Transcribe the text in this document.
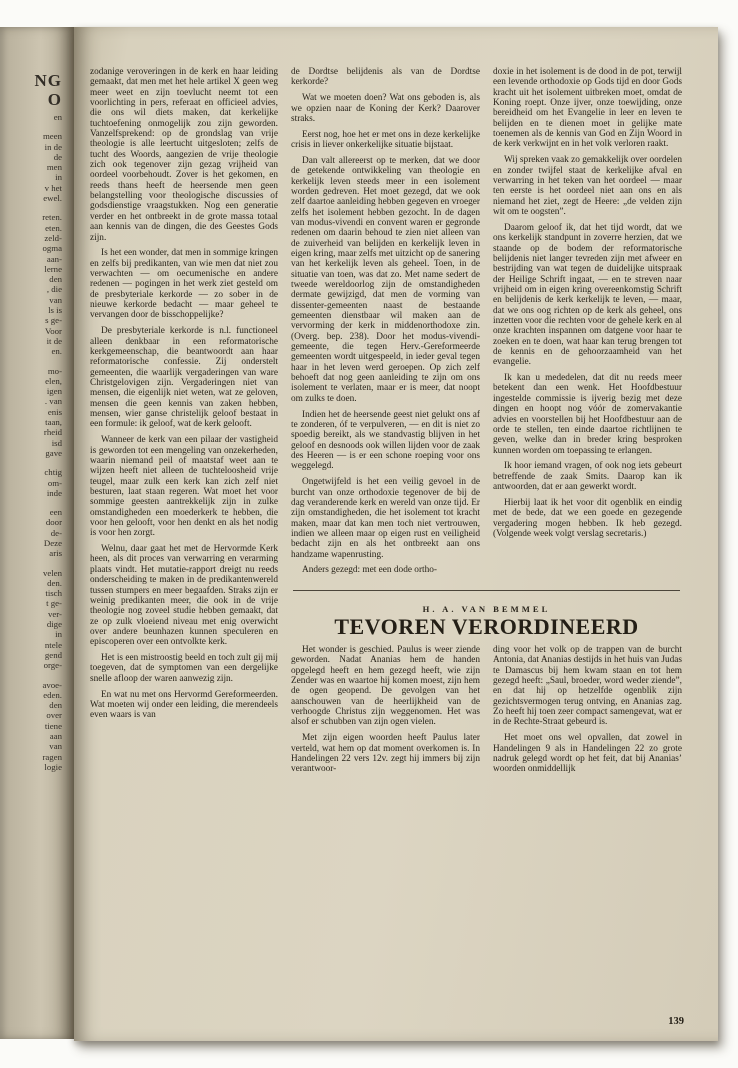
NG
O
en
meen
in de
de
men
in
v het
ewel.
reten.
eten.
zeld-
ogma
aan-
lerne
den
, die
van
ls is
s ge-
Voor
it de
en.
mo-
elen,
igen
. van
enis
taan,
rheid
isd
gave
chtig
om-
inde
een
door
de-
Deze
aris
velen
den.
tisch
t ge-
ver-
dige
in
ntele
gend
orge-
avoe-
eden.
den
over
tiene
aan
van
ragen
logie

zodanige veroveringen in de kerk en haar leiding gemaakt, dat men met het hele artikel X geen weg meer weet en zijn toevlucht neemt tot een voorlichting in pers, referaat en officieel advies, die ons wil diets maken, dat kerkelijke tuchtoefening onmogelijk zou zijn geworden. Vanzelfsprekend: op de grondslag van vrije theologie is alle leertucht uitgesloten; zelfs de tucht des Woords, aangezien de vrije theologie zich ook tegenover zijn gezag vrijheid van oordeel voorbehoudt. Zover is het gekomen, en reeds thans heeft de heersende men geen belangstelling voor theologische discussies of godsdienstige vraagstukken. Nog een generatie verder en het ontbreekt in de grote massa totaal aan kennis van de dingen, die des Geestes Gods zijn.

Is het een wonder, dat men in sommige kringen en zelfs bij predikanten, van wie men dat niet zou verwachten — om oecumenische en andere redenen — pogingen in het werk ziet gesteld om de presbyteriale kerkorde — zo sober in de nieuwe kerkorde bedacht — maar geheel te vervangen door de bisschoppelijke?

De presbyteriale kerkorde is n.l. functioneel alleen denkbaar in een reformatorische kerkgemeenschap, die beantwoordt aan haar reformatorische confessie. Zij onderstelt gemeenten, die waarlijk vergaderingen van ware Christgelovigen zijn. Vergaderingen niet van mensen, die eigenlijk niet weten, wat ze geloven, mensen die geen kennis van zaken hebben, mensen, wier ganse christelijk geloof bestaat in een formule: ik geloof, wat de kerk gelooft.

Wanneer de kerk van een pilaar der vastigheid is geworden tot een mengeling van onzekerheden, waarin niemand peil of maatstaf weet aan te wijzen heeft niet alleen de tuchteloosheid vrije teugel, maar zulk een kerk kan zich zelf niet besturen, laat staan regeren. Wat moet het voor sommige geesten aantrekkelijk zijn in zulke omstandigheden een moederkerk te hebben, die voor hen gelooft, voor hen denkt en als het nodig is voor hen zorgt.

Welnu, daar gaat het met de Hervormde Kerk heen, als dit proces van verwarring en verarming plaats vindt. Het mutatie-rapport dreigt nu reeds onderscheiding te maken in de predikantenwereld tussen stumpers en meer begaafden. Straks zijn er weinig predikanten meer, die ook in de vrije theologie nog zoveel studie hebben gemaakt, dat ze op zulk vloeiend niveau met enig overwicht over andere beunhazen kunnen speculeren en episcoperen over een ontvolkte kerk.

Het is een mistroostig beeld en toch zult gij mij toegeven, dat de symptomen van een dergelijke snelle afloop der waren aanwezig zijn.

En wat nu met ons Hervormd Gereformeerden. Wat moeten wij onder een leiding, die merendeels even waars is van

de Dordtse belijdenis als van de Dordtse kerkorde?

Wat we moeten doen? Wat ons geboden is, als we opzien naar de Koning der Kerk? Daarover straks.

Eerst nog, hoe het er met ons in deze kerkelijke crisis in liever onkerkelijke situatie bijstaat.

Dan valt allereerst op te merken, dat we door de getekende ontwikkeling van theologie en kerkelijk leven steeds meer in een isolement worden gedreven. Het moet gezegd, dat we ook zelf daartoe aanleiding hebben gegeven en vroeger zelfs het isolement hebben gezocht. In de dagen van modus-vivendi en convent waren er gegronde redenen om daarin behoud te zien niet alleen van de zuiverheid van belijden en kerkelijk leven in eigen kring, maar zelfs met uitzicht op de sanering van het kerkelijk leven als geheel. Toen, in de situatie van toen, was dat zo. Met name sedert de tweede wereldoorlog zijn de omstandigheden dermate gewijzigd, dat men de vorming van dissenter-gemeenten naast de bestaande gemeenten dienstbaar wil maken aan de vervorming der kerk in middenorthodoxe zin. (Overg. bep. 238). Door het modus-vivendi-gemeente, die tegen Herv.-Gereformeerde gemeenten wordt uitgespeeld, in ieder geval tegen haar in het leven werd geroepen. Op zich zelf behoeft dat nog geen aanleiding te zijn om ons isolement te verlaten, maar er is meer, dat noopt om zulks te doen.

Indien het de heersende geest niet gelukt ons af te zonderen, óf te verpulveren, — en dit is niet zo spoedig bereikt, als we standvastig blijven in het geloof en desnoods ook willen lijden voor de zaak des Heeren — is er een schone roeping voor ons weggelegd.

Ongetwijfeld is het een veilig gevoel in de burcht van onze orthodoxie tegenover de bij de dag veranderende kerk en wereld van onze tijd. Er zijn omstandigheden, die het isolement tot kracht maken, maar dat kan men toch niet vertrouwen, indien we alleen maar op eigen rust en veiligheid bedacht zijn en als het ontbreekt aan ons handzame wapenrusting.

Anders gezegd: met een dode ortho-

doxie in het isolement is de dood in de pot, terwijl een levende orthodoxie op Gods tijd en door Gods kracht uit het isolement uitbreken moet, omdat de Koning roept. Onze ijver, onze toewijding, onze bereidheid om het Evangelie in leer en leven te belijden en te dienen moet in gelijke mate toenemen als de kennis van God en Zijn Woord in de kerk verkwijnt en in het volk verloren raakt.

Wij spreken vaak zo gemakkelijk over oordelen en zonder twijfel staat de kerkelijke afval en verwarring in het teken van het oordeel — maar ten eerste is het oordeel niet aan ons en als niemand het ziet, zegt de Heere: „de velden zijn wit om te oogsten”.

Daarom geloof ik, dat het tijd wordt, dat we ons kerkelijk standpunt in zoverre herzien, dat we staande op de bodem der reformatorische belijdenis niet langer tevreden zijn met afweer en bestrijding van wat tegen de duidelijke uitspraak der Heilige Schrift ingaat, — en te streven naar vrijheid om in eigen kring overeenkomstig Schrift en belijdenis de kerk kerkelijk te leven, — maar, dat we ons oog richten op de kerk als geheel, ons inzetten voor die rechten voor de gehele kerk en al onze krachten inspannen om datgene voor haar te zoeken en te doen, wat haar kan terug brengen tot de kennis en de gehoorzaamheid van het evangelie.

Ik kan u mededelen, dat dit nu reeds meer betekent dan een wenk. Het Hoofdbestuur ingestelde commissie is ijverig bezig met deze dingen en hoopt nog vóór de zomervakantie advies en voorstellen bij het Hoofdbestuur aan de orde te stellen, ten einde daartoe richtlijnen te geven, welke dan in breder kring besproken kunnen worden om toepassing te erlangen.

Ik hoor iemand vragen, of ook nog iets gebeurt betreffende de zaak Smits. Daarop kan ik antwoorden, dat er aan gewerkt wordt.

Hierbij laat ik het voor dit ogenblik en eindig met de bede, dat we een goede en gezegende vergadering mogen hebben. Ik heb gezegd. (Volgende week volgt verslag secretaris.)

H. A. VAN BEMMEL
TEVOREN VERORDINEERD

Het wonder is geschied. Paulus is weer ziende geworden. Nadat Ananias hem de handen opgelegd heeft en hem gezegd heeft, wie zijn Zender was en waartoe hij komen moest, zijn hem de ogen geopend. De gevolgen van het aanschouwen van de heerlijkheid van de verhoogde Christus zijn weggenomen. Het was alsof er schubben van zijn ogen vielen.

Met zijn eigen woorden heeft Paulus later verteld, wat hem op dat moment overkomen is. In Handelingen 22 vers 12v. zegt hij immers bij zijn verantwoor-

ding voor het volk op de trappen van de burcht Antonia, dat Ananias destijds in het huis van Judas te Damascus bij hem kwam staan en tot hem gezegd heeft: „Saul, broeder, word weder ziende”, en dat hij op hetzelfde ogenblik zijn gezichtsvermogen terug ontving, en Ananias zag. Zo heeft hij toen zeer compact samengevat, wat er in de Rechte-Straat gebeurd is.

Het moet ons wel opvallen, dat zowel in Handelingen 9 als in Handelingen 22 zo grote nadruk gelegd wordt op het feit, dat bij Ananias’ woorden onmiddellijk

139
